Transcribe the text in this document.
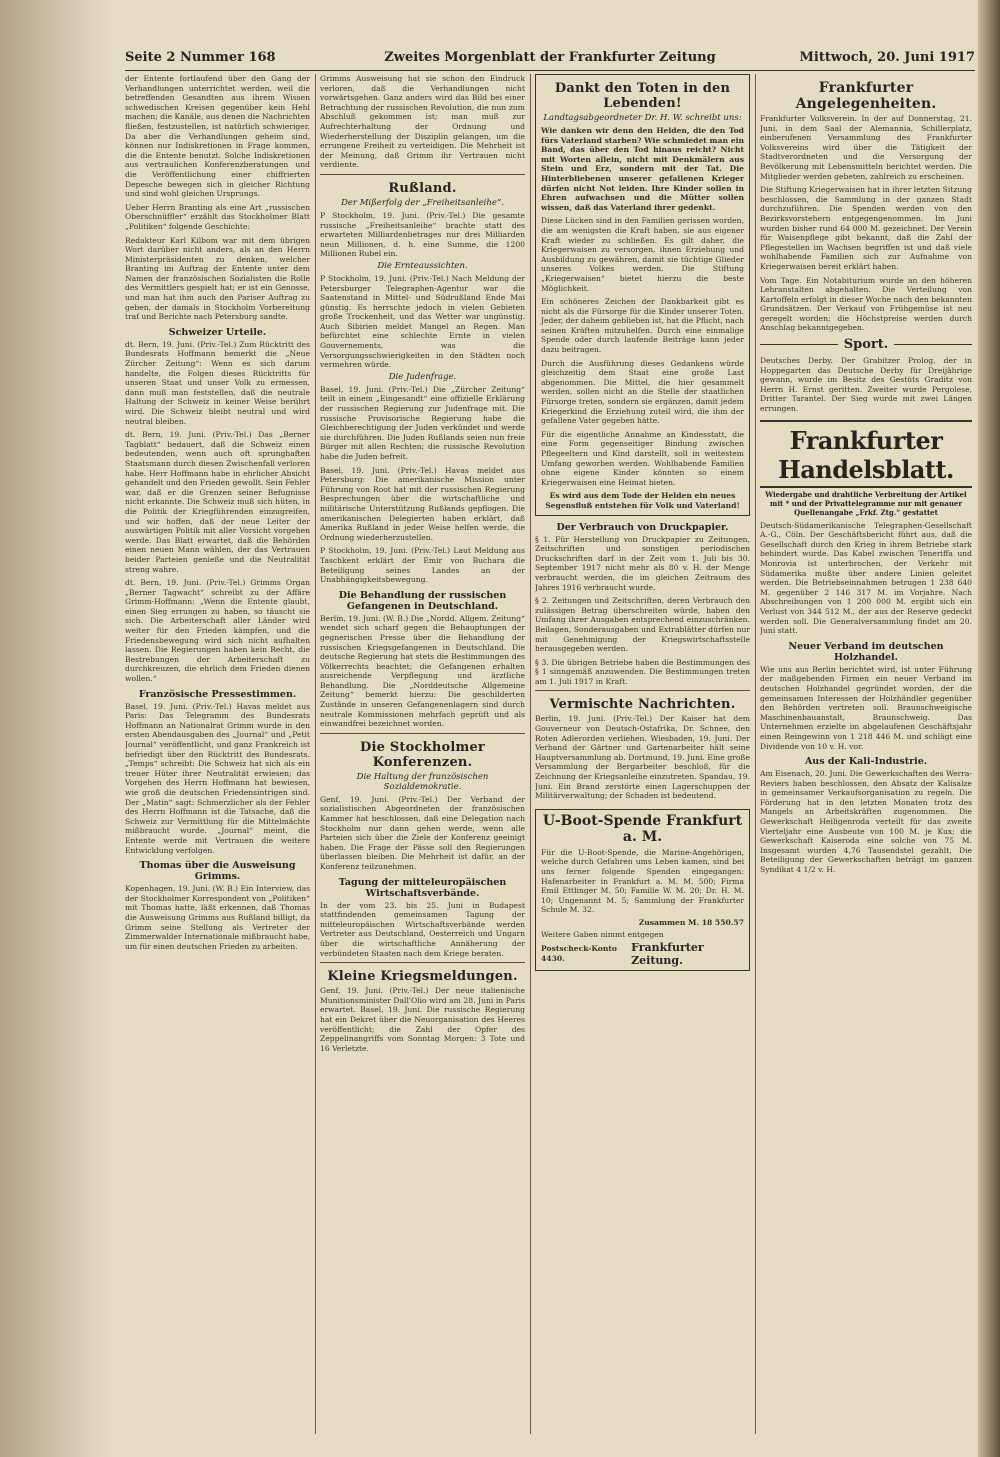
Seite 2 Nummer 168	Zweites Morgenblatt der Frankfurter Zeitung	Mittwoch, 20. Juni 1917
der Entente fortlaufend über den Gang der Verhandlungen unterrichtet werden, weil die betreffenden Gesandten aus ihrem Wissen schwedischen Kreisen gegenüber kein Hehl machen; die Kanäle, aus denen die Nachrichten fließen, festzustellen, ist natürlich schwieriger. Da aber die Verhandlungen geheim sind, können nur Indiskretionen in Frage kommen, die die Entente benutzt. Solche Indiskretionen aus vertraulichen Konferenzberatungen und die Veröffentlichung einer chiffrierten Depesche bewegen sich in gleicher Richtung und sind wohl gleichen Ursprungs.
Ueber Herrn Branting als eine Art „russischen Oberschnüffler“ erzählt das Stockholmer Blatt „Politiken“ folgende Geschichte:
Redakteur Karl Kilbom war mit dem übrigen Wort darüber nicht anders, als an den Herrn Ministerpräsidenten zu denken, welcher Branting im Auftrag der Entente unter dem Namen der französischen Sozialisten die Rolle des Vermittlers gespielt hat; er ist ein Genosse, und man hat ihm auch den Pariser Auftrag zu geben, der damals in Stockholm Vorbereitung traf und Berichte nach Petersburg sandte.
Schweizer Urteile.
dt. Bern, 19. Juni. (Priv.-Tel.) Zum Rücktritt des Bundesrats Hoffmann bemerkt die „Neue Zürcher Zeitung“: Wenn es sich darum handelte, die Folgen dieses Rücktritts für unseren Staat und unser Volk zu ermessen, dann muß man feststellen, daß die neutrale Haltung der Schweiz in keiner Weise berührt wird. Die Schweiz bleibt neutral und wird neutral bleiben.
dt. Bern, 19. Juni. (Priv.-Tel.) Das „Berner Tagblatt“ bedauert, daß die Schweiz einen bedeutenden, wenn auch oft sprunghaften Staatsmann durch diesen Zwischenfall verloren habe. Herr Hoffmann habe in ehrlicher Absicht gehandelt und den Frieden gewollt. Sein Fehler war, daß er die Grenzen seiner Befugnisse nicht erkannte. Die Schweiz muß sich hüten, in die Politik der Kriegführenden einzugreifen, und wir hoffen, daß der neue Leiter der auswärtigen Politik mit aller Vorsicht vorgehen werde. Das Blatt erwartet, daß die Behörden einen neuen Mann wählen, der das Vertrauen beider Parteien genieße und die Neutralität streng wahre.
dt. Bern, 19. Juni. (Priv.-Tel.) Grimms Organ „Berner Tagwacht“ schreibt zu der Affäre Grimm-Hoffmann: „Wenn die Entente glaubt, einen Sieg errungen zu haben, so täuscht sie sich. Die Arbeiterschaft aller Länder wird weiter für den Frieden kämpfen, und die Friedensbewegung wird sich nicht aufhalten lassen. Die Regierungen haben kein Recht, die Bestrebungen der Arbeiterschaft zu durchkreuzen, die ehrlich dem Frieden dienen wollen.“
Französische Pressestimmen.
Basel, 19. Juni. (Priv.-Tel.) Havas meldet aus Paris: Das Telegramm des Bundesrats Hoffmann an Nationalrat Grimm wurde in den ersten Abendausgaben des „Journal“ und „Petit Journal“ veröffentlicht, und ganz Frankreich ist befriedigt über den Rücktritt des Bundesrats. „Temps“ schreibt: Die Schweiz hat sich als ein treuer Hüter ihrer Neutralität erwiesen; das Vorgehen des Herrn Hoffmann hat bewiesen, wie groß die deutschen Friedensintrigen sind. Der „Matin“ sagt: Schmerzlicher als der Fehler des Herrn Hoffmann ist die Tatsache, daß die Schweiz zur Vermittlung für die Mittelmächte mißbraucht wurde. „Journal“ meint, die Entente werde mit Vertrauen die weitere Entwicklung verfolgen.
Thomas über die Ausweisung Grimms.
Kopenhagen, 19. Juni. (W. B.) Ein Interview, das der Stockholmer Korrespondent von „Politiken“ mit Thomas hatte, läßt erkennen, daß Thomas die Ausweisung Grimms aus Rußland billigt, da Grimm seine Stellung als Vertreter der Zimmerwalder Internationale mißbraucht habe, um für einen deutschen Frieden zu arbeiten.
Grimms Ausweisung hat sie schon den Eindruck verloren, daß die Verhandlungen nicht vorwärtsgehen. Ganz anders wird das Bild bei einer Betrachtung der russischen Revolution, die nun zum Abschluß gekommen ist; man muß zur Aufrechterhaltung der Ordnung und Wiederherstellung der Disziplin gelangen, um die errungene Freiheit zu verteidigen. Die Mehrheit ist der Meinung, daß Grimm ihr Vertrauen nicht verdiente.
Rußland.
Der Mißerfolg der „Freiheitsanleihe“.
P Stockholm, 19. Juni. (Priv.-Tel.) Die gesamte russische „Freiheitsanleihe“ brachte statt des erwarteten Milliardenbetrages nur drei Milliarden neun Millionen, d. h. eine Summe, die 1200 Millionen Rubel ein.
Die Ernteaussichten.
P Stockholm, 19. Juni. (Priv.-Tel.) Nach Meldung der Petersburger Telegraphen-Agentur war die Saatenstand in Mittel- und Südrußland Ende Mai günstig. Es herrschte jedoch in vielen Gebieten große Trockenheit, und das Wetter war ungünstig. Auch Sibirien meldet Mangel an Regen. Man befürchtet eine schlechte Ernte in vielen Gouvernements, was die Versorgungsschwierigkeiten in den Städten noch vermehren würde.
Die Judenfrage.
Basel, 19. Juni. (Priv.-Tel.) Die „Zürcher Zeitung“ teilt in einem „Eingesandt“ eine offizielle Erklärung der russischen Regierung zur Judenfrage mit. Die russische Provisorische Regierung habe die Gleichberechtigung der Juden verkündet und werde sie durchführen. Die Juden Rußlands seien nun freie Bürger mit allen Rechten; die russische Revolution habe die Juden befreit.
Basel, 19. Juni. (Priv.-Tel.) Havas meldet aus Petersburg: Die amerikanische Mission unter Führung von Root hat mit der russischen Regierung Besprechungen über die wirtschaftliche und militärische Unterstützung Rußlands gepflogen. Die amerikanischen Delegierten haben erklärt, daß Amerika Rußland in jeder Weise helfen werde, die Ordnung wiederherzustellen.
P Stockholm, 19. Juni. (Priv.-Tel.) Laut Meldung aus Taschkent erklärt der Emir von Buchara die Beteiligung seines Landes an der Unabhängigkeitsbewegung.
Die Behandlung der russischen Gefangenen in Deutschland.
Berlin, 19. Juni. (W. B.) Die „Nordd. Allgem. Zeitung“ wendet sich scharf gegen die Behauptungen der gegnerischen Presse über die Behandlung der russischen Kriegsgefangenen in Deutschland. Die deutsche Regierung hat stets die Bestimmungen des Völkerrechts beachtet; die Gefangenen erhalten ausreichende Verpflegung und ärztliche Behandlung. Die „Norddeutsche Allgemeine Zeitung“ bemerkt hierzu: Die geschilderten Zustände in unseren Gefangenenlagern sind durch neutrale Kommissionen mehrfach geprüft und als einwandfrei bezeichnet worden.
Die Stockholmer Konferenzen.
Die Haltung der französischen Sozialdemokratie.
Genf, 19. Juni. (Priv.-Tel.) Der Verband der sozialistischen Abgeordneten der französischen Kammer hat beschlossen, daß eine Delegation nach Stockholm nur dann gehen werde, wenn alle Parteien sich über die Ziele der Konferenz geeinigt haben. Die Frage der Pässe soll den Regierungen überlassen bleiben. Die Mehrheit ist dafür, an der Konferenz teilzunehmen.
Tagung der mitteleuropäischen Wirtschaftsverbände.
In der vom 23. bis 25. Juni in Budapest stattfindenden gemeinsamen Tagung der mitteleuropäischen Wirtschaftsverbände werden Vertreter aus Deutschland, Oesterreich und Ungarn über die wirtschaftliche Annäherung der verbündeten Staaten nach dem Kriege beraten.
Kleine Kriegsmeldungen.
Genf, 19. Juni. (Priv.-Tel.) Der neue italienische Munitionsminister Dall'Olio wird am 28. Juni in Paris erwartet. Basel, 19. Juni. Die russische Regierung hat ein Dekret über die Neuorganisation des Heeres veröffentlicht; die Zahl der Opfer des Zeppelinangriffs vom Sonntag Morgen: 3 Tote und 16 Verletzte.
Dankt den Toten in den Lebenden!
Landtagsabgeordneter Dr. H. W. schreibt uns:
Wie danken wir denn den Helden, die den Tod fürs Vaterland starben? Wie schmiedet man ein Band, das über den Tod hinaus reicht? Nicht mit Worten allein, nicht mit Denkmälern aus Stein und Erz, sondern mit der Tat. Die Hinterbliebenen unserer gefallenen Krieger dürfen nicht Not leiden. Ihre Kinder sollen in Ehren aufwachsen und die Mütter sollen wissen, daß das Vaterland ihrer gedenkt.
Diese Lücken sind in den Familien gerissen worden, die am wenigsten die Kraft haben, sie aus eigener Kraft wieder zu schließen. Es gilt daher, die Kriegerwaisen zu versorgen, ihnen Erziehung und Ausbildung zu gewähren, damit sie tüchtige Glieder unseres Volkes werden. Die Stiftung „Kriegerwaisen“ bietet hierzu die beste Möglichkeit.
Ein schöneres Zeichen der Dankbarkeit gibt es nicht als die Fürsorge für die Kinder unserer Toten. Jeder, der daheim geblieben ist, hat die Pflicht, nach seinen Kräften mitzuhelfen. Durch eine einmalige Spende oder durch laufende Beiträge kann jeder dazu beitragen.
Durch die Ausführung dieses Gedankens würde gleichzeitig dem Staat eine große Last abgenommen. Die Mittel, die hier gesammelt werden, sollen nicht an die Stelle der staatlichen Fürsorge treten, sondern sie ergänzen, damit jedem Kriegerkind die Erziehung zuteil wird, die ihm der gefallene Vater gegeben hätte.
Für die eigentliche Annahme an Kindesstatt, die eine Form gegenseitiger Bindung zwischen Pflegeeltern und Kind darstellt, soll in weitestem Umfang geworben werden. Wohlhabende Familien ohne eigene Kinder könnten so einem Kriegerwaisen eine Heimat bieten.
Es wird aus dem Tode der Helden ein neues Segensfluß entstehen für Volk und Vaterland!
Der Verbrauch von Druckpapier.
§ 1. Für Herstellung von Druckpapier zu Zeitungen, Zeitschriften und sonstigen periodischen Druckschriften darf in der Zeit vom 1. Juli bis 30. September 1917 nicht mehr als 80 v. H. der Menge verbraucht werden, die im gleichen Zeitraum des Jahres 1916 verbraucht wurde.
§ 2. Zeitungen und Zeitschriften, deren Verbrauch den zulässigen Betrag überschreiten würde, haben den Umfang ihrer Ausgaben entsprechend einzuschränken. Beilagen, Sonderausgaben und Extrablätter dürfen nur mit Genehmigung der Kriegswirtschaftsstelle herausgegeben werden.
§ 3. Die übrigen Betriebe haben die Bestimmungen des § 1 sinngemäß anzuwenden. Die Bestimmungen treten am 1. Juli 1917 in Kraft.
Vermischte Nachrichten.
Berlin, 19. Juni. (Priv.-Tel.) Der Kaiser hat dem Gouverneur von Deutsch-Ostafrika, Dr. Schnee, den Roten Adlerorden verliehen. Wiesbaden, 19. Juni. Der Verband der Gärtner und Gartenarbeiter hält seine Hauptversammlung ab. Dortmund, 19. Juni. Eine große Versammlung der Bergarbeiter beschloß, für die Zeichnung der Kriegsanleihe einzutreten. Spandau, 19. Juni. Ein Brand zerstörte einen Lagerschuppen der Militärverwaltung; der Schaden ist bedeutend.
U-Boot-Spende Frankfurt a. M.
Für die U-Boot-Spende, die Marine-Angehörigen, welche durch Gefahren ums Leben kamen, sind bei uns ferner folgende Spenden eingegangen: Hafenarbeiter in Frankfurt a. M. M. 500; Firma Emil Ettlinger M. 50; Familie W. M. 20; Dr. H. M. 10; Ungenannt M. 5; Sammlung der Frankfurter Schule M. 32.
Zusammen M. 18 550.57
Weitere Gaben nimmt entgegen
Postscheck-Konto 4430.
Frankfurter Zeitung.
Frankfurter Angelegenheiten.
Frankfurter Volksverein. In der auf Donnerstag, 21. Juni, in dem Saal der Alemannia, Schillerplatz, einberufenen Versammlung des Frankfurter Volksvereins wird über die Tätigkeit der Stadtverordneten und die Versorgung der Bevölkerung mit Lebensmitteln berichtet werden. Die Mitglieder werden gebeten, zahlreich zu erscheinen.
Die Stiftung Kriegerwaisen hat in ihrer letzten Sitzung beschlossen, die Sammlung in der ganzen Stadt durchzuführen. Die Spenden werden von den Bezirksvorstehern entgegengenommen. Im Juni wurden bisher rund 64 000 M. gezeichnet. Der Verein für Waisenpflege gibt bekannt, daß die Zahl der Pflegestellen im Wachsen begriffen ist und daß viele wohlhabende Familien sich zur Aufnahme von Kriegerwaisen bereit erklärt haben.
Vom Tage. Ein Notabiturium wurde an den höheren Lehranstalten abgehalten. Die Verteilung von Kartoffeln erfolgt in dieser Woche nach den bekannten Grundsätzen. Der Verkauf von Frühgemüse ist neu geregelt worden; die Höchstpreise werden durch Anschlag bekanntgegeben.
Sport.
Deutsches Derby. Der Grabitzer Prolog, der in Hoppegarten das Deutsche Derby für Dreijährige gewann, wurde im Besitz des Gestüts Graditz von Herrn H. Ernst geritten. Zweiter wurde Pergolese, Dritter Tarantel. Der Sieg wurde mit zwei Längen errungen.
Frankfurter Handelsblatt.
Wiedergabe und drahtliche Verbreitung der Artikel mit * und der Privattelegramme nur mit genauer Quellenangabe „Frkf. Ztg.“ gestattet
Deutsch-Südamerikanische Telegraphen-Gesellschaft A.-G., Cöln. Der Geschäftsbericht führt aus, daß die Gesellschaft durch den Krieg in ihrem Betriebe stark behindert wurde. Das Kabel zwischen Teneriffa und Monrovia ist unterbrochen, der Verkehr mit Südamerika mußte über andere Linien geleitet werden. Die Betriebseinnahmen betrugen 1 238 640 M. gegenüber 2 146 317 M. im Vorjahre. Nach Abschreibungen von 1 200 000 M. ergibt sich ein Verlust von 344 512 M., der aus der Reserve gedeckt werden soll. Die Generalversammlung findet am 20. Juni statt.
Neuer Verband im deutschen Holzhandel.
Wie uns aus Berlin berichtet wird, ist unter Führung der maßgebenden Firmen ein neuer Verband im deutschen Holzhandel gegründet worden, der die gemeinsamen Interessen der Holzhändler gegenüber den Behörden vertreten soll. Braunschweigische Maschinenbauanstalt, Braunschweig. Das Unternehmen erzielte im abgelaufenen Geschäftsjahr einen Reingewinn von 1 218 446 M. und schlägt eine Dividende von 10 v. H. vor.
Aus der Kali-Industrie.
Am Eisenach, 20. Juni. Die Gewerkschaften des Werra-Reviers haben beschlossen, den Absatz der Kalisalze in gemeinsamer Verkaufsorganisation zu regeln. Die Förderung hat in den letzten Monaten trotz des Mangels an Arbeitskräften zugenommen. Die Gewerkschaft Heiligenroda verteilt für das zweite Vierteljahr eine Ausbeute von 100 M. je Kux; die Gewerkschaft Kaiseroda eine solche von 75 M. Insgesamt wurden 4,76 Tausendstel gezahlt, Die Beteiligung der Gewerkschaften beträgt im ganzen Syndikat 4 1/2 v. H.
